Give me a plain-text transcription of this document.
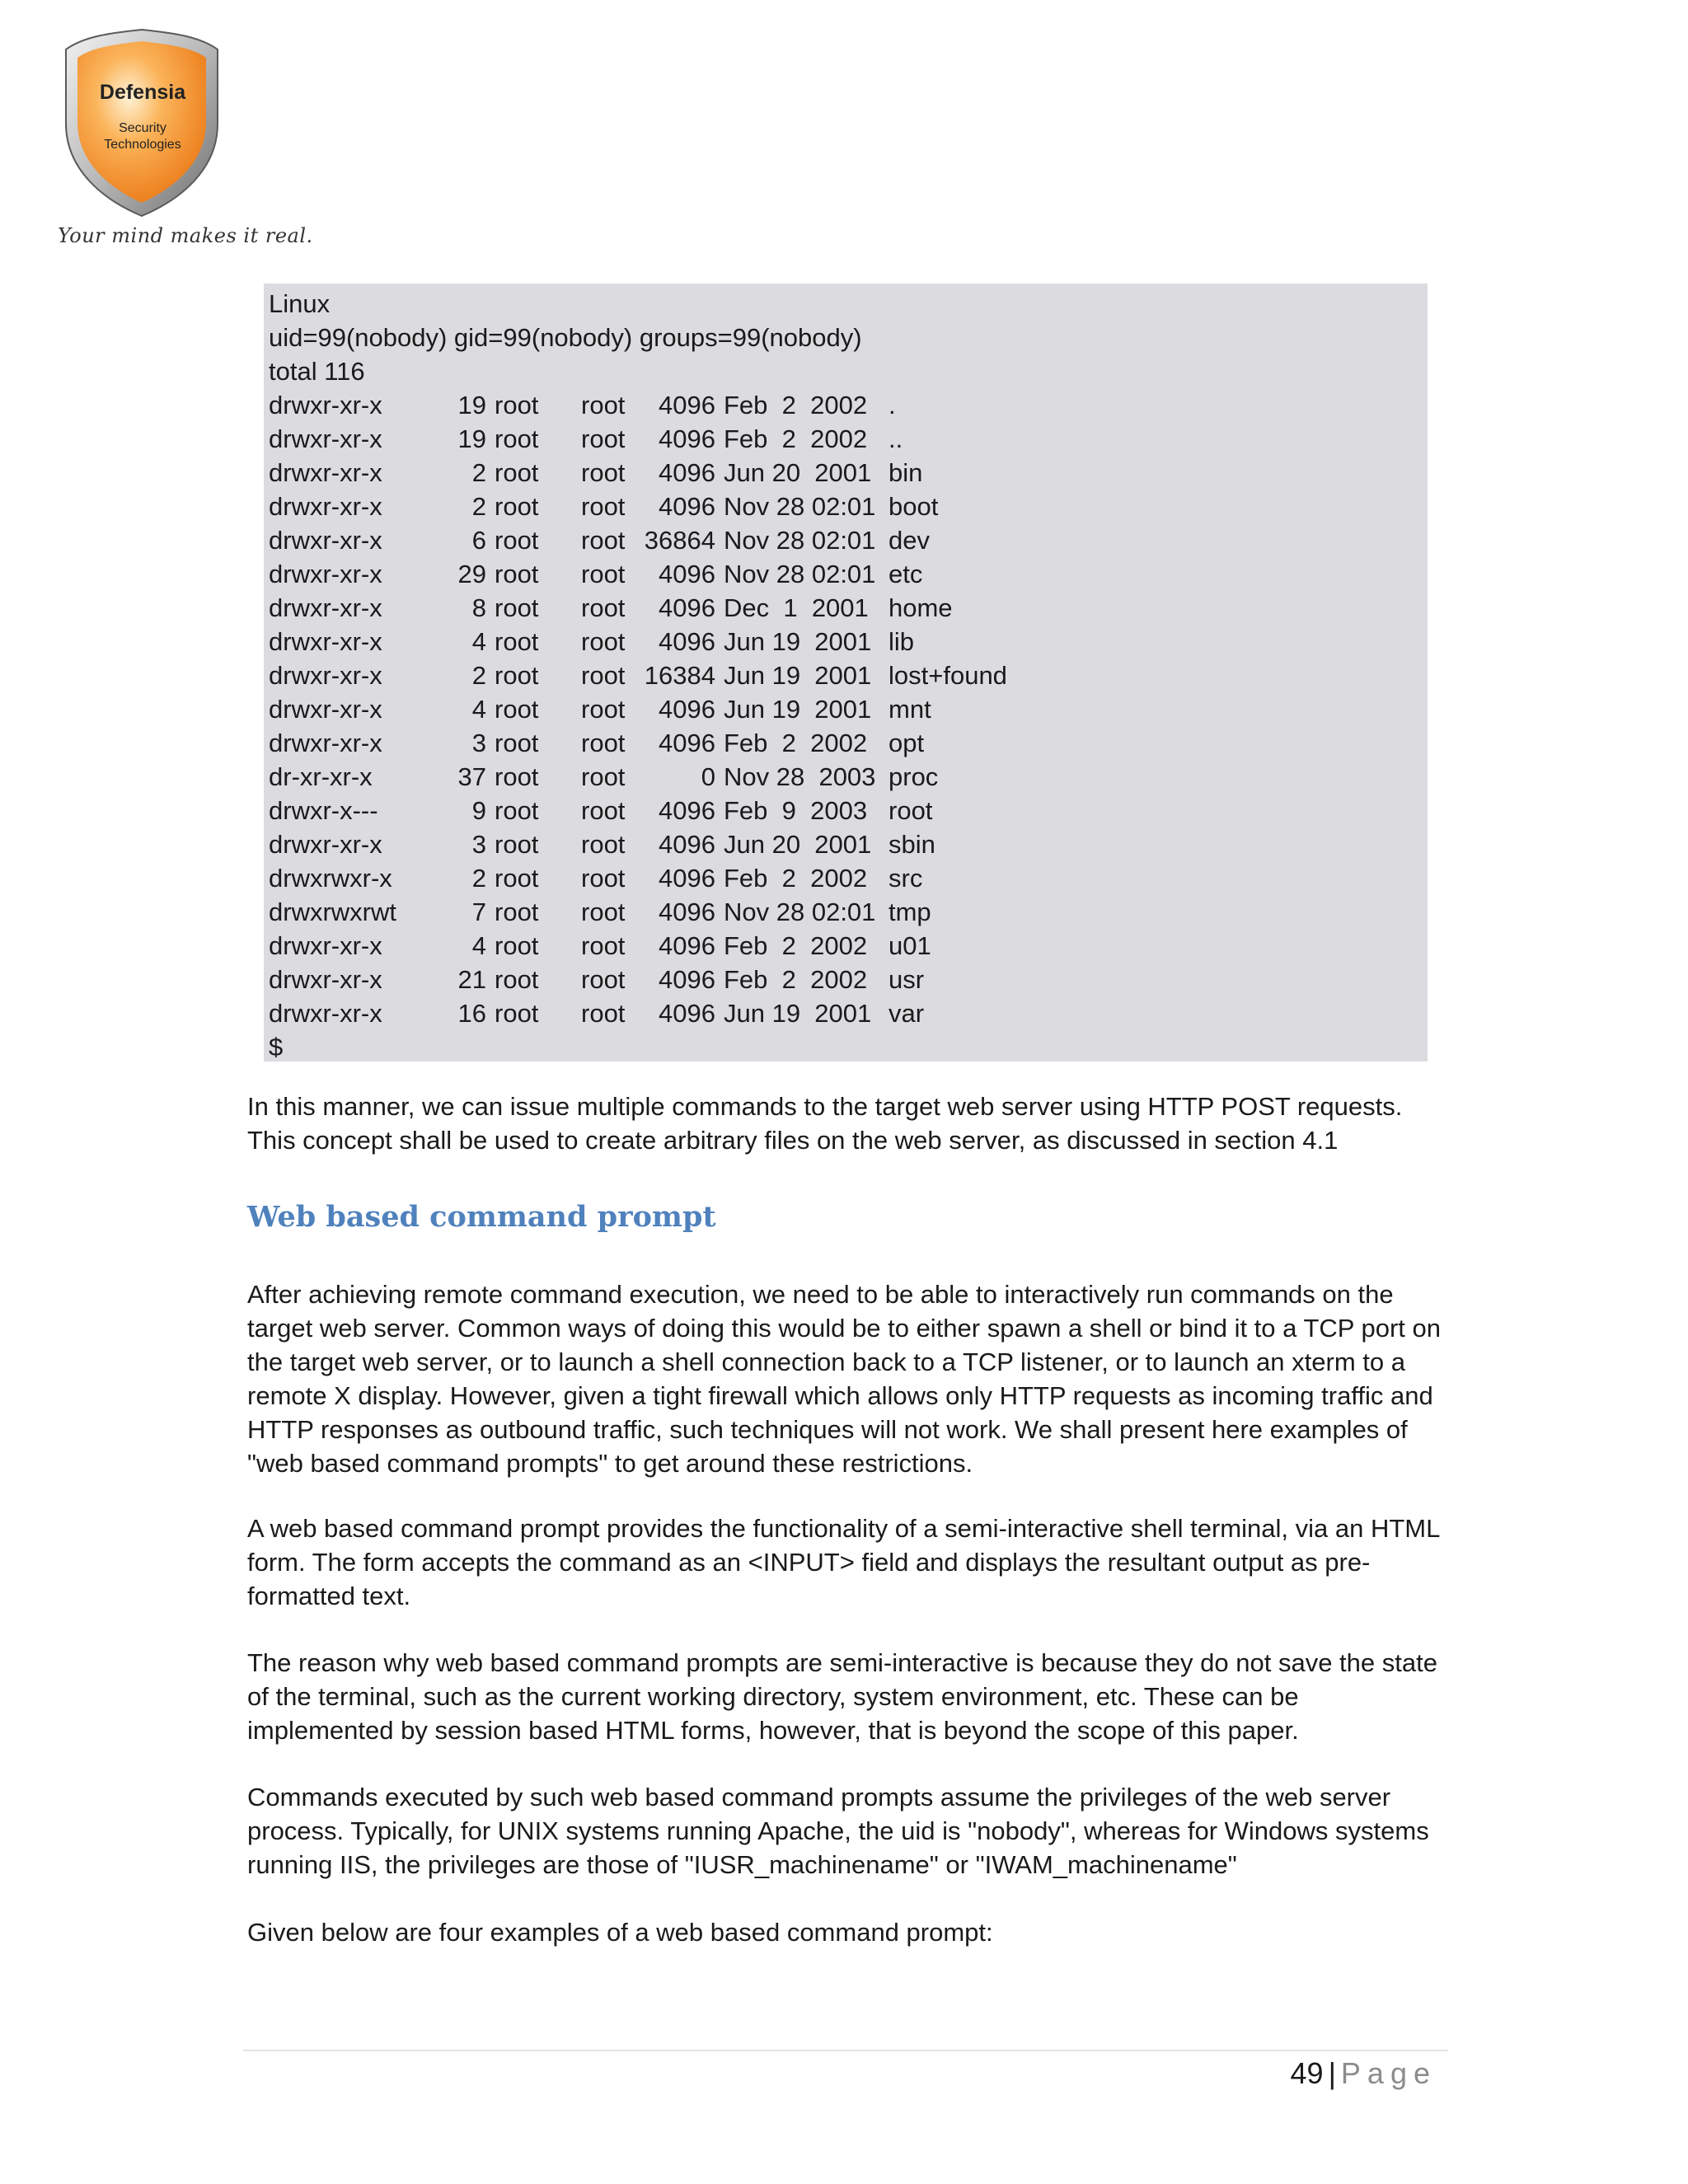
Defensia
Security
Technologies
Your mind makes it real.
Linux
uid=99(nobody) gid=99(nobody) groups=99(nobody)
total 116
drwxr-xr-x	19 root root 4096 Feb  2  2002 .
drwxr-xr-x	19 root root 4096 Feb  2  2002 ..
drwxr-xr-x	2 root root 4096 Jun 20  2001 bin
drwxr-xr-x	2 root root 4096 Nov 28 02:01 boot
drwxr-xr-x	6 root root 36864 Nov 28 02:01 dev
drwxr-xr-x	29 root root 4096 Nov 28 02:01 etc
drwxr-xr-x	8 root root 4096 Dec  1  2001 home
drwxr-xr-x	4 root root 4096 Jun 19  2001 lib
drwxr-xr-x	2 root root 16384 Jun 19  2001 lost+found
drwxr-xr-x	4 root root 4096 Jun 19  2001 mnt
drwxr-xr-x	3 root root 4096 Feb  2  2002 opt
dr-xr-xr-x	37 root root	0 Nov 28  2003 proc
drwxr-x---	9 root root 4096 Feb  9  2003 root
drwxr-xr-x	3 root root 4096 Jun 20  2001 sbin
drwxrwxr-x	2 root root 4096 Feb  2  2002 src
drwxrwxrwt	7 root root 4096 Nov 28 02:01 tmp
drwxr-xr-x	4 root root 4096 Feb  2  2002 u01
drwxr-xr-x	21 root root 4096 Feb  2  2002 usr
drwxr-xr-x	16 root root 4096 Jun 19  2001 var
$
In this manner, we can issue multiple commands to the target web server using HTTP POST requests. This concept shall be used to create arbitrary files on the web server, as discussed in section 4.1
Web based command prompt
After achieving remote command execution, we need to be able to interactively run commands on the target web server. Common ways of doing this would be to either spawn a shell or bind it to a TCP port on the target web server, or to launch a shell connection back to a TCP listener, or to launch an xterm to a remote X display. However, given a tight firewall which allows only HTTP requests as incoming traffic and HTTP responses as outbound traffic, such techniques will not work. We shall present here examples of "web based command prompts" to get around these restrictions.
A web based command prompt provides the functionality of a semi-interactive shell terminal, via an HTML form. The form accepts the command as an <INPUT> field and displays the resultant output as pre-formatted text.
The reason why web based command prompts are semi-interactive is because they do not save the state of the terminal, such as the current working directory, system environment, etc. These can be implemented by session based HTML forms, however, that is beyond the scope of this paper.
Commands executed by such web based command prompts assume the privileges of the web server process. Typically, for UNIX systems running Apache, the uid is "nobody", whereas for Windows systems running IIS, the privileges are those of "IUSR_machinename" or "IWAM_machinename"
Given below are four examples of a web based command prompt:
49 | Page
